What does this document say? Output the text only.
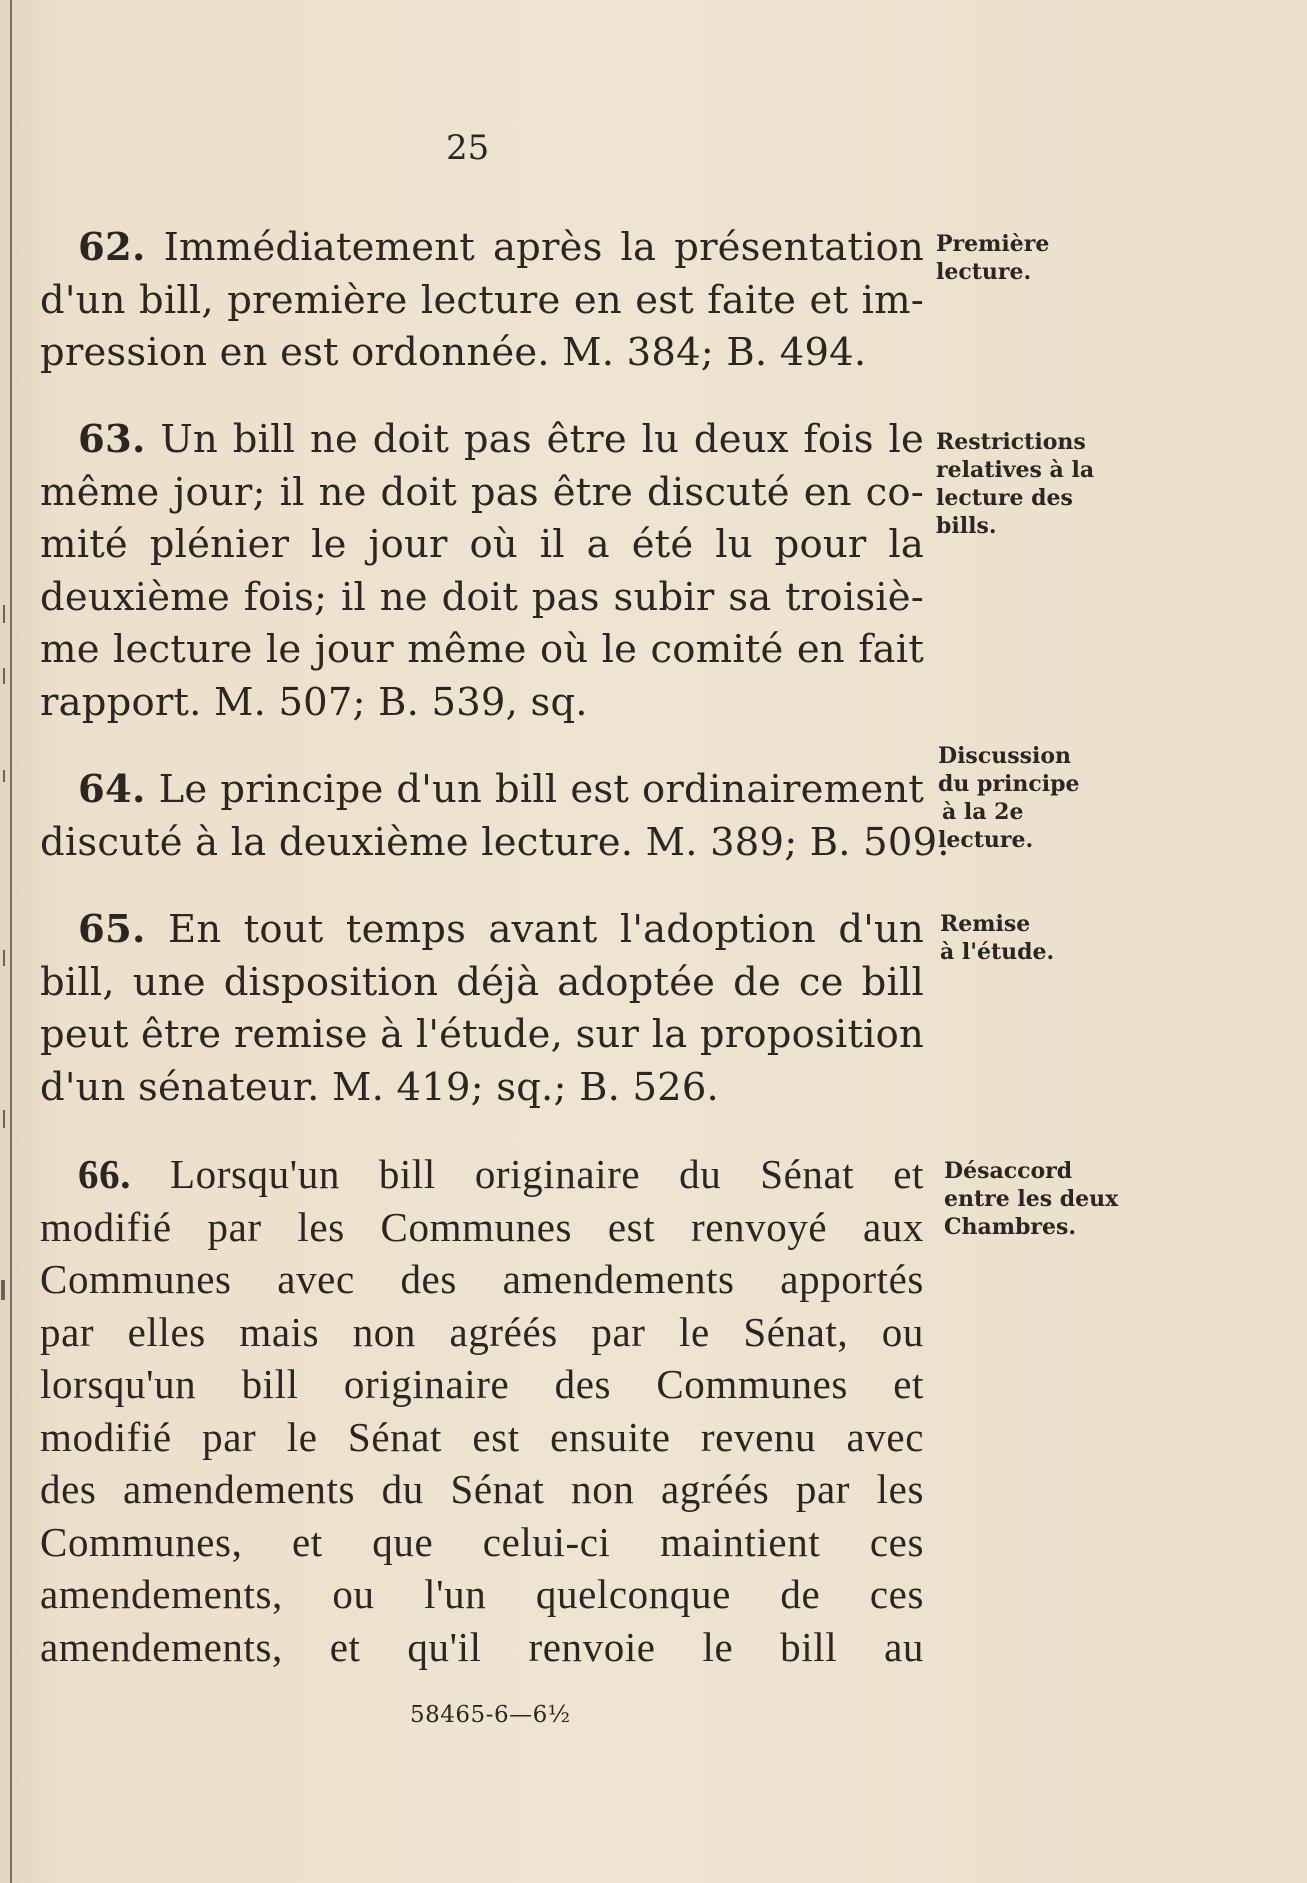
25
62. Immédiatement après la présentation
d'un bill, première lecture en est faite et im-
pression en est ordonnée. M. 384; B. 494.
Première
lecture.
63. Un bill ne doit pas être lu deux fois le
même jour; il ne doit pas être discuté en co-
mité plénier le jour où il a été lu pour la
deuxième fois; il ne doit pas subir sa troisiè-
me lecture le jour même où le comité en fait
rapport. M. 507; B. 539, sq.
Restrictions
relatives à la
lecture des
bills.
64. Le principe d'un bill est ordinairement
discuté à la deuxième lecture. M. 389; B. 509.
Discussion
du principe
à la 2e
lecture.
65. En tout temps avant l'adoption d'un
bill, une disposition déjà adoptée de ce bill
peut être remise à l'étude, sur la proposition
d'un sénateur. M. 419; sq.; B. 526.
Remise
à l'étude.
66. Lorsqu'un bill originaire du Sénat et
modifié par les Communes est renvoyé aux
Communes avec des amendements apportés
par elles mais non agréés par le Sénat, ou
lorsqu'un bill originaire des Communes et
modifié par le Sénat est ensuite revenu avec
des amendements du Sénat non agréés par les
Communes, et que celui-ci maintient ces
amendements, ou l'un quelconque de ces
amendements, et qu'il renvoie le bill au
Désaccord
entre les deux
Chambres.
58465-6—6½
